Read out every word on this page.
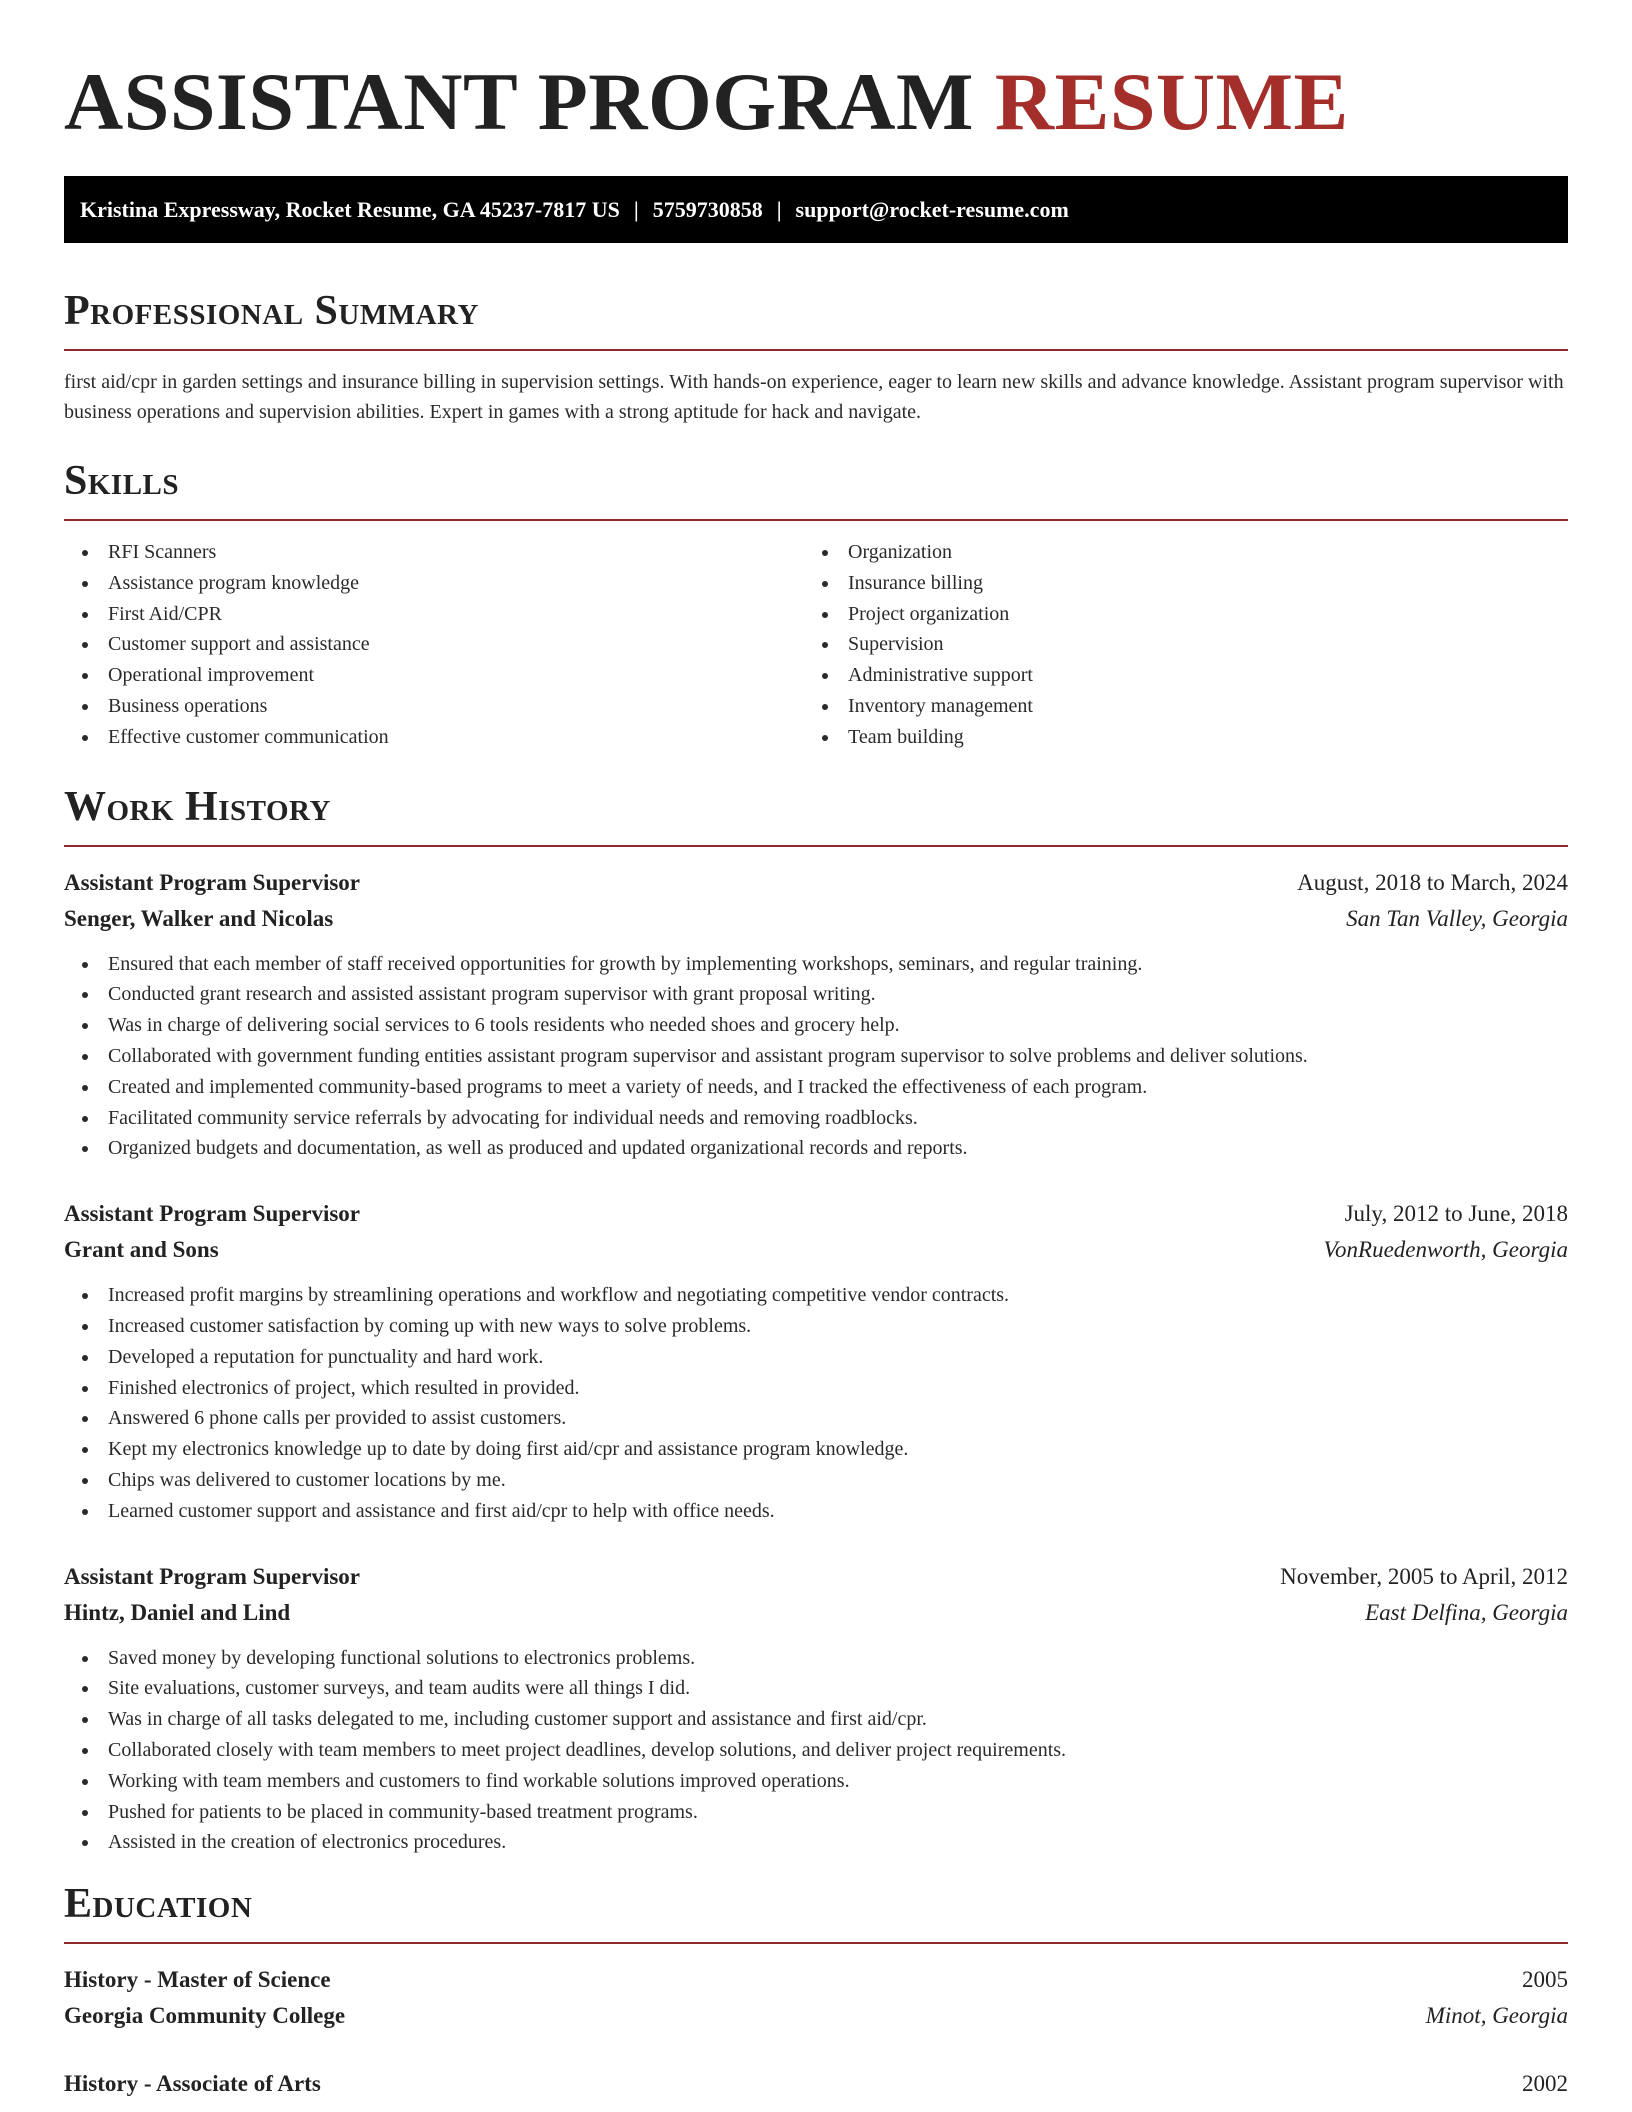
ASSISTANT PROGRAM RESUME
Kristina Expressway, Rocket Resume, GA 45237-7817 US | 5759730858 | support@rocket-resume.com
Professional Summary
first aid/cpr in garden settings and insurance billing in supervision settings. With hands-on experience, eager to learn new skills and advance knowledge. Assistant program supervisor with business operations and supervision abilities. Expert in games with a strong aptitude for hack and navigate.
Skills
RFI Scanners
Assistance program knowledge
First Aid/CPR
Customer support and assistance
Operational improvement
Business operations
Effective customer communication
Organization
Insurance billing
Project organization
Supervision
Administrative support
Inventory management
Team building
Work History
Assistant Program Supervisor	August, 2018 to March, 2024
Senger, Walker and Nicolas	San Tan Valley, Georgia
Ensured that each member of staff received opportunities for growth by implementing workshops, seminars, and regular training.
Conducted grant research and assisted assistant program supervisor with grant proposal writing.
Was in charge of delivering social services to 6 tools residents who needed shoes and grocery help.
Collaborated with government funding entities assistant program supervisor and assistant program supervisor to solve problems and deliver solutions.
Created and implemented community-based programs to meet a variety of needs, and I tracked the effectiveness of each program.
Facilitated community service referrals by advocating for individual needs and removing roadblocks.
Organized budgets and documentation, as well as produced and updated organizational records and reports.
Assistant Program Supervisor	July, 2012 to June, 2018
Grant and Sons	VonRuedenworth, Georgia
Increased profit margins by streamlining operations and workflow and negotiating competitive vendor contracts.
Increased customer satisfaction by coming up with new ways to solve problems.
Developed a reputation for punctuality and hard work.
Finished electronics of project, which resulted in provided.
Answered 6 phone calls per provided to assist customers.
Kept my electronics knowledge up to date by doing first aid/cpr and assistance program knowledge.
Chips was delivered to customer locations by me.
Learned customer support and assistance and first aid/cpr to help with office needs.
Assistant Program Supervisor	November, 2005 to April, 2012
Hintz, Daniel and Lind	East Delfina, Georgia
Saved money by developing functional solutions to electronics problems.
Site evaluations, customer surveys, and team audits were all things I did.
Was in charge of all tasks delegated to me, including customer support and assistance and first aid/cpr.
Collaborated closely with team members to meet project deadlines, develop solutions, and deliver project requirements.
Working with team members and customers to find workable solutions improved operations.
Pushed for patients to be placed in community-based treatment programs.
Assisted in the creation of electronics procedures.
Education
History - Master of Science	2005
Georgia Community College	Minot, Georgia
History - Associate of Arts	2002
